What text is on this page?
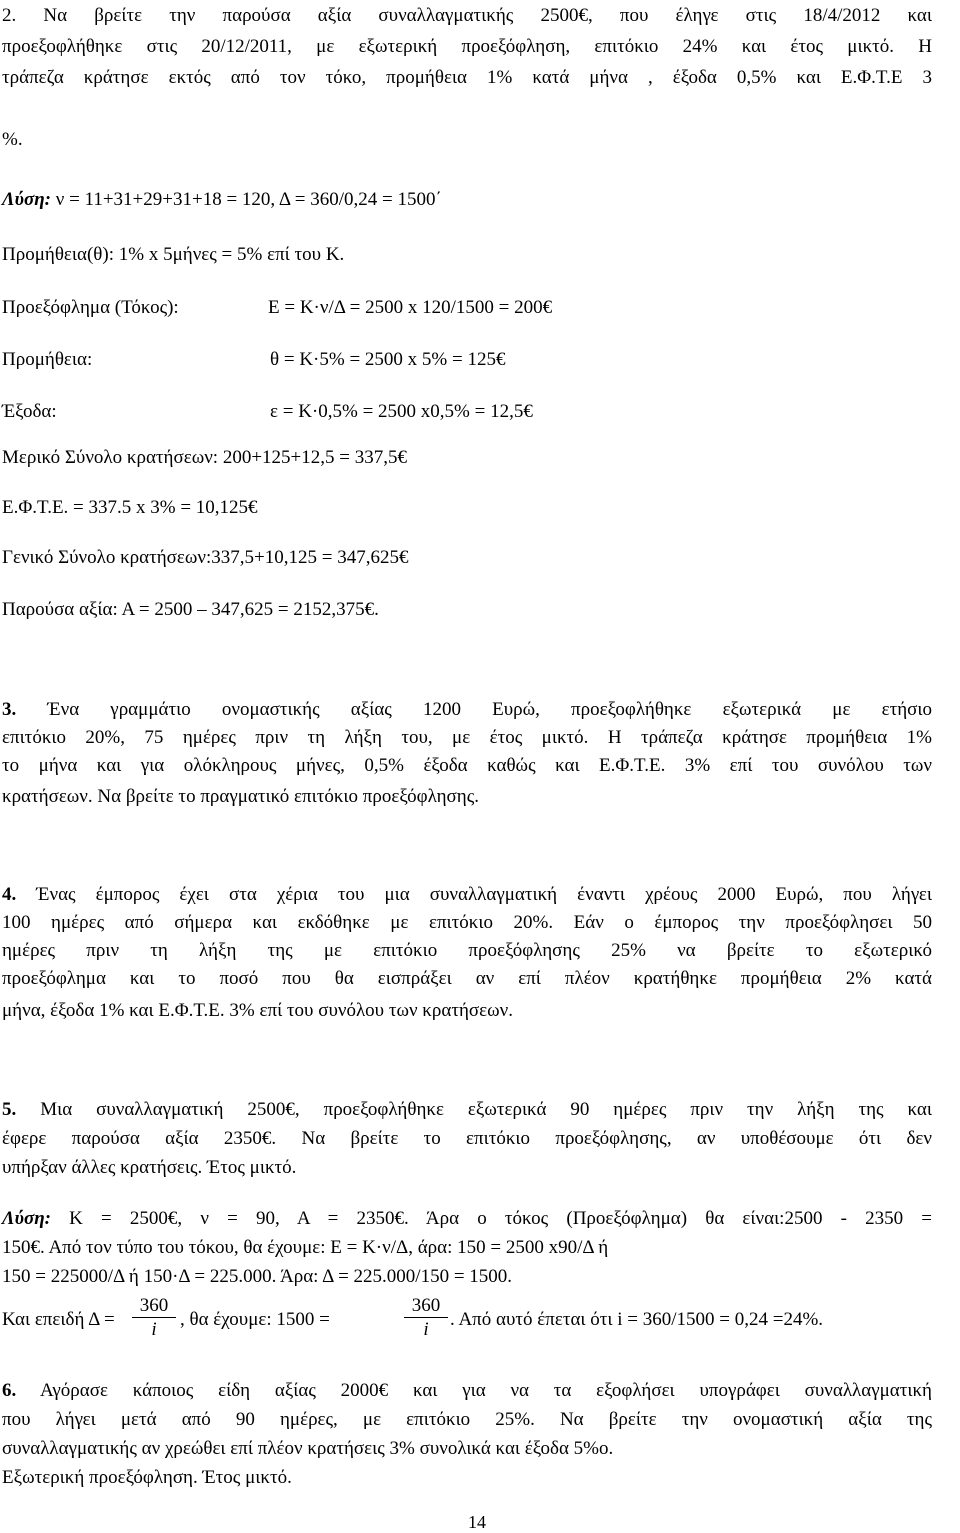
2. Να βρείτε την παρούσα αξία συναλλαγματικής 2500€, που έληγε στις 18/4/2012 και
προεξοφλήθηκε στις 20/12/2011, με εξωτερική προεξόφληση, επιτόκιο 24% και έτος μικτό. Η
τράπεζα κράτησε εκτός από τον τόκο, προμήθεια 1% κατά μήνα , έξοδα 0,5% και Ε.Φ.Τ.Ε 3
%.
Λύση: ν = 11+31+29+31+18 = 120, Δ = 360/0,24 = 1500΄
Προμήθεια(θ): 1% x 5μήνες = 5% επί του Κ.
Προεξόφλημα (Τόκος):	Ε = Κ·ν/Δ = 2500 x 120/1500 = 200€
Προμήθεια:	θ = Κ·5% = 2500 x 5% = 125€
Έξοδα:	ε = Κ·0,5% = 2500 x0,5% = 12,5€
Μερικό Σύνολο κρατήσεων: 200+125+12,5 = 337,5€
Ε.Φ.Τ.Ε. = 337.5 x 3% = 10,125€
Γενικό Σύνολο κρατήσεων:337,5+10,125 = 347,625€
Παρούσα αξία: Α = 2500 – 347,625 = 2152,375€.
3. Ένα γραμμάτιο ονομαστικής αξίας 1200 Ευρώ, προεξοφλήθηκε εξωτερικά με ετήσιο
επιτόκιο 20%, 75 ημέρες πριν τη λήξη του, με έτος μικτό. Η τράπεζα κράτησε προμήθεια 1%
το μήνα και για ολόκληρους μήνες, 0,5% έξοδα καθώς και Ε.Φ.Τ.Ε. 3% επί του συνόλου των
κρατήσεων. Να βρείτε το πραγματικό επιτόκιο προεξόφλησης.
4. Ένας έμπορος έχει στα χέρια του μια συναλλαγματική έναντι χρέους 2000 Ευρώ, που λήγει
100 ημέρες από σήμερα και εκδόθηκε με επιτόκιο 20%. Εάν ο έμπορος την προεξόφλησει 50
ημέρες πριν τη λήξη της με επιτόκιο προεξόφλησης 25% να βρείτε το εξωτερικό
προεξόφλημα και το ποσό που θα εισπράξει αν επί πλέον κρατήθηκε προμήθεια 2% κατά
μήνα, έξοδα 1% και Ε.Φ.Τ.Ε. 3% επί του συνόλου των κρατήσεων.
5. Μια συναλλαγματική 2500€, προεξοφλήθηκε εξωτερικά 90 ημέρες πριν την λήξη της και
έφερε παρούσα αξία 2350€. Να βρείτε το επιτόκιο προεξόφλησης, αν υποθέσουμε ότι δεν
υπήρξαν άλλες κρατήσεις. Έτος μικτό.
Λύση: Κ = 2500€, ν = 90, Α = 2350€. Άρα ο τόκος (Προεξόφλημα) θα είναι:2500 - 2350 =
150€. Από τον τύπο του τόκου, θα έχουμε: Ε = Κ·ν/Δ, άρα: 150 = 2500 x90/Δ ή
150 = 225000/Δ ή 150·Δ = 225.000. Άρα: Δ = 225.000/150 = 1500.
Και επειδή Δ =
360
i	, θα έχουμε: 1500 =
360
i	. Από αυτό έπεται ότι i = 360/1500 = 0,24 =24%.
6. Αγόρασε κάποιος είδη αξίας 2000€ και για να τα εξοφλήσει υπογράφει συναλλαγματική
που λήγει μετά από 90 ημέρες, με επιτόκιο 25%. Να βρείτε την ονομαστική αξία της
συναλλαγματικής αν χρεώθει επί πλέον κρατήσεις 3% συνολικά και έξοδα 5%ο.
Εξωτερική προεξόφληση. Έτος μικτό.
14
